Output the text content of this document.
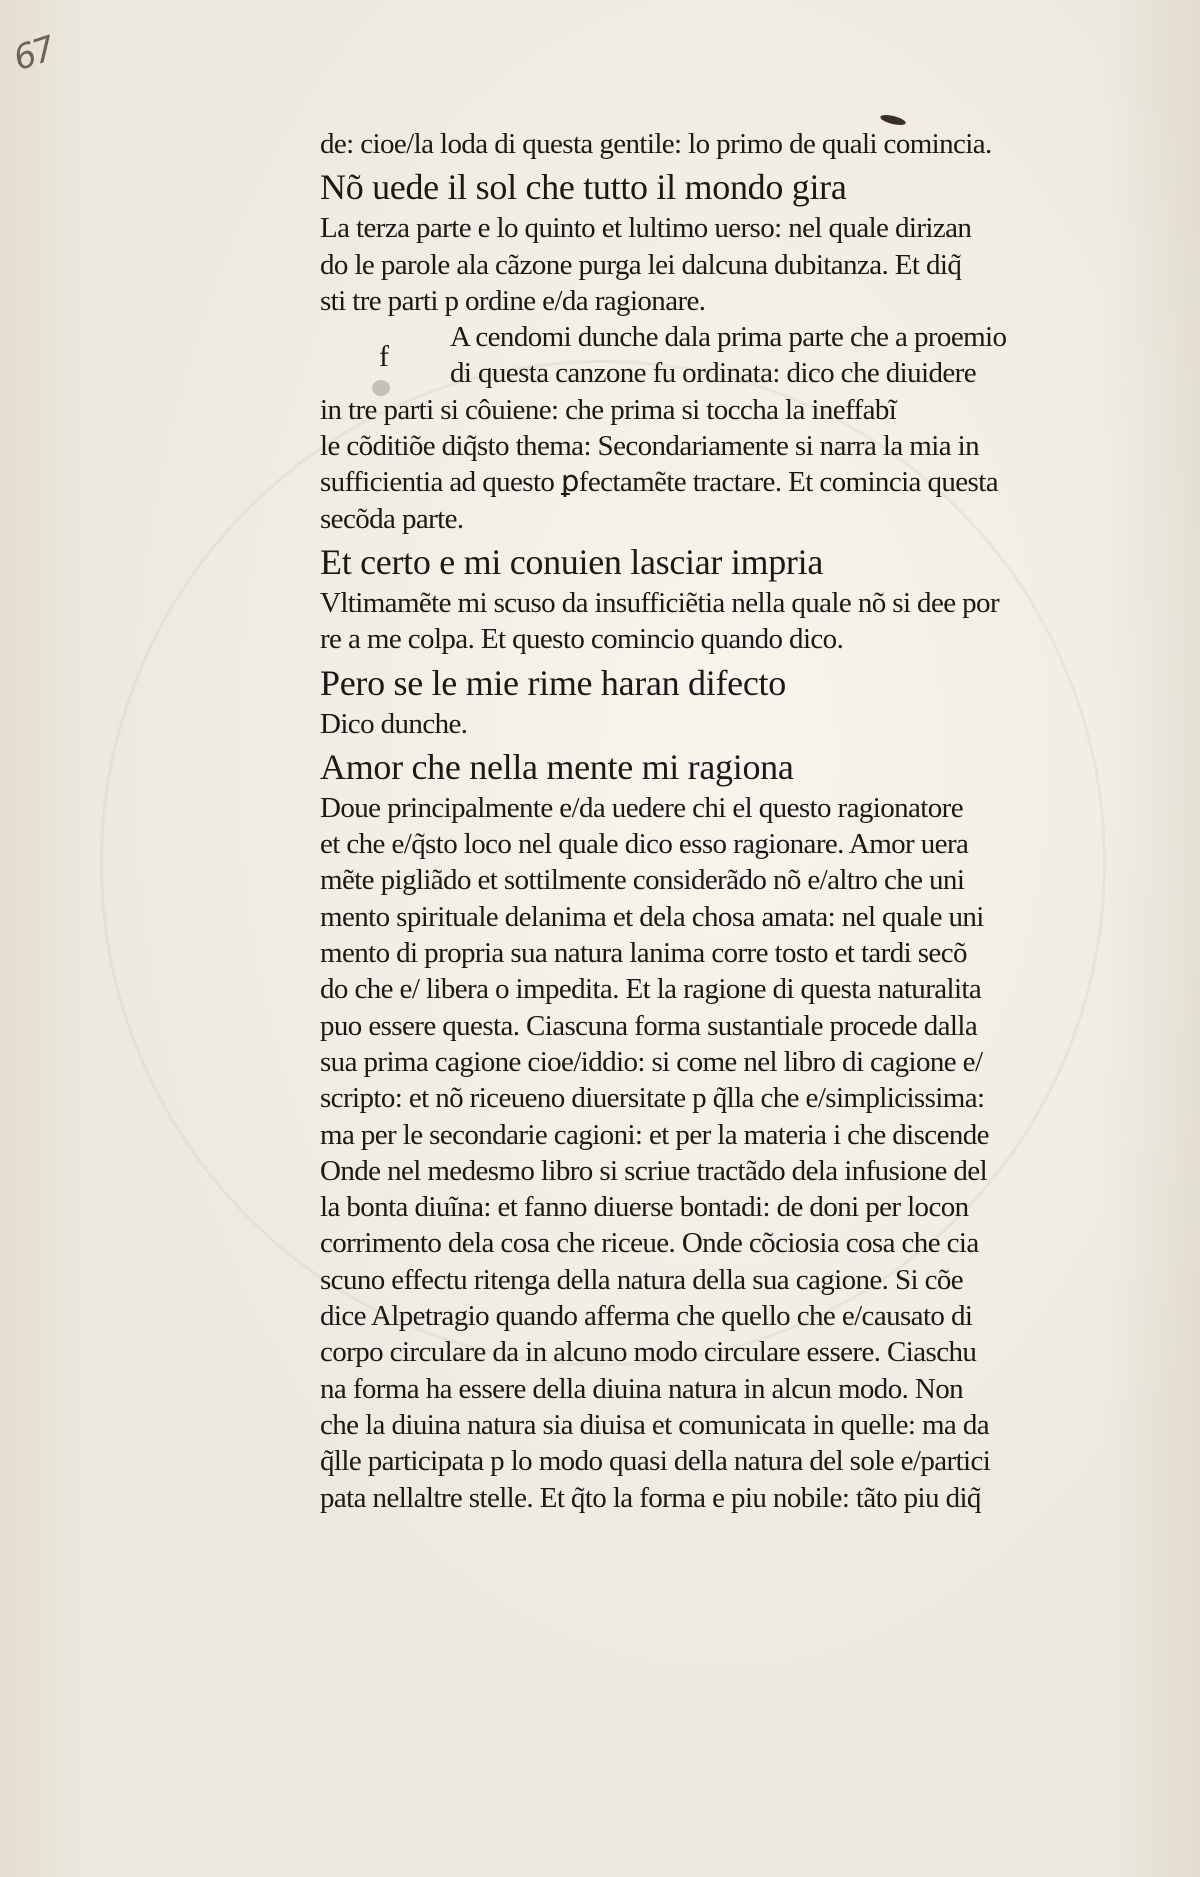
67
f
de: cioe/la loda di questa gentile: lo primo de quali comincia.
Nõ uede il sol che tutto il mondo gira
La terza parte e lo quinto et lultimo uerso: nel quale dirizan
do le parole ala cãzone purga lei dalcuna dubitanza. Et diq̃
sti tre parti p ordine e/da ragionare.
A cendomi dunche dala prima parte che a proemio
di questa canzone fu ordinata: dico che diuidere
in tre parti si côuiene: che prima si toccha la ineffabĩ
le cõditiõe diq̃sto thema: Secondariamente si narra la mia in
sufficientia ad questo ꝑfectamẽte tractare. Et comincia questa
secõda parte.
Et certo e mi conuien lasciar impria
Vltimamẽte mi scuso da insufficiẽtia nella quale nõ si dee por
re a me colpa. Et questo comincio quando dico.
Pero se le mie rime haran difecto
Dico dunche.
Amor che nella mente mi ragiona
Doue principalmente e/da uedere chi el questo ragionatore
et che e/q̃sto loco nel quale dico esso ragionare. Amor uera
mẽte pigliãdo et sottilmente considerãdo nõ e/altro che uni
mento spirituale delanima et dela chosa amata: nel quale uni
mento di propria sua natura lanima corre tosto et tardi secõ
do che e/ libera o impedita. Et la ragione di questa naturalita
puo essere questa. Ciascuna forma sustantiale procede dalla
sua prima cagione cioe/iddio: si come nel libro di cagione e/
scripto: et nõ riceueno diuersitate p q̃lla che e/simplicissima:
ma per le secondarie cagioni: et per la materia i che discende
Onde nel medesmo libro si scriue tractãdo dela infusione del
la bonta diuĩna: et fanno diuerse bontadi: de doni per locon
corrimento dela cosa che riceue. Onde cõciosia cosa che cia
scuno effectu ritenga della natura della sua cagione. Si cõe
dice Alpetragio quando afferma che quello che e/causato di
corpo circulare da in alcuno modo circulare essere. Ciaschu
na forma ha essere della diuina natura in alcun modo. Non
che la diuina natura sia diuisa et comunicata in quelle: ma da
q̃lle participata p lo modo quasi della natura del sole e/partici
pata nellaltre stelle. Et q̃to la forma e piu nobile: tãto piu diq̃
